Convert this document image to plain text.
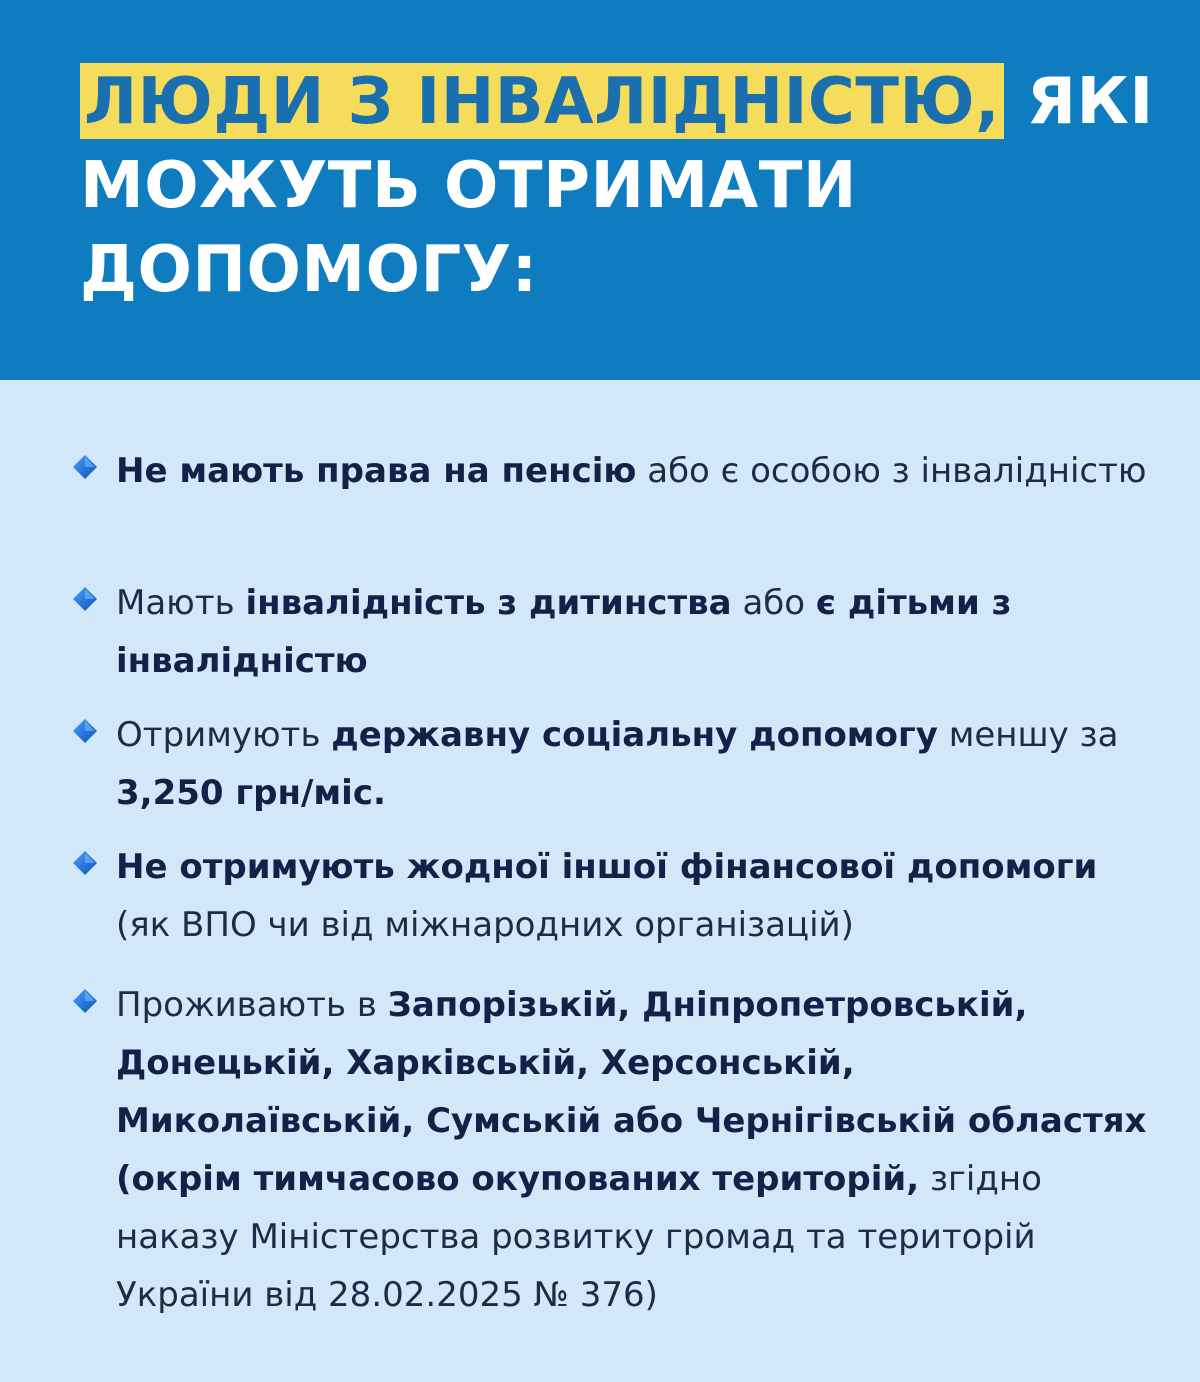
ЛЮДИ З ІНВАЛІДНІСТЮ, ЯКІ
МОЖУТЬ ОТРИМАТИ
ДОПОМОГУ:

Не мають права на пенсію або є особою з інвалідністю

Мають інвалідність з дитинства або є дітьми з інвалідністю

Отримують державну соціальну допомогу меншу за 3,250 грн/міс.

Не отримують жодної іншої фінансової допомоги (як ВПО чи від міжнародних організацій)

Проживають в Запорізькій, Дніпропетровській, Донецькій, Харківській, Херсонській, Миколаївській, Сумській або Чернігівській областях (окрім тимчасово окупованих територій, згідно наказу Міністерства розвитку громад та територій України від 28.02.2025 № 376)
